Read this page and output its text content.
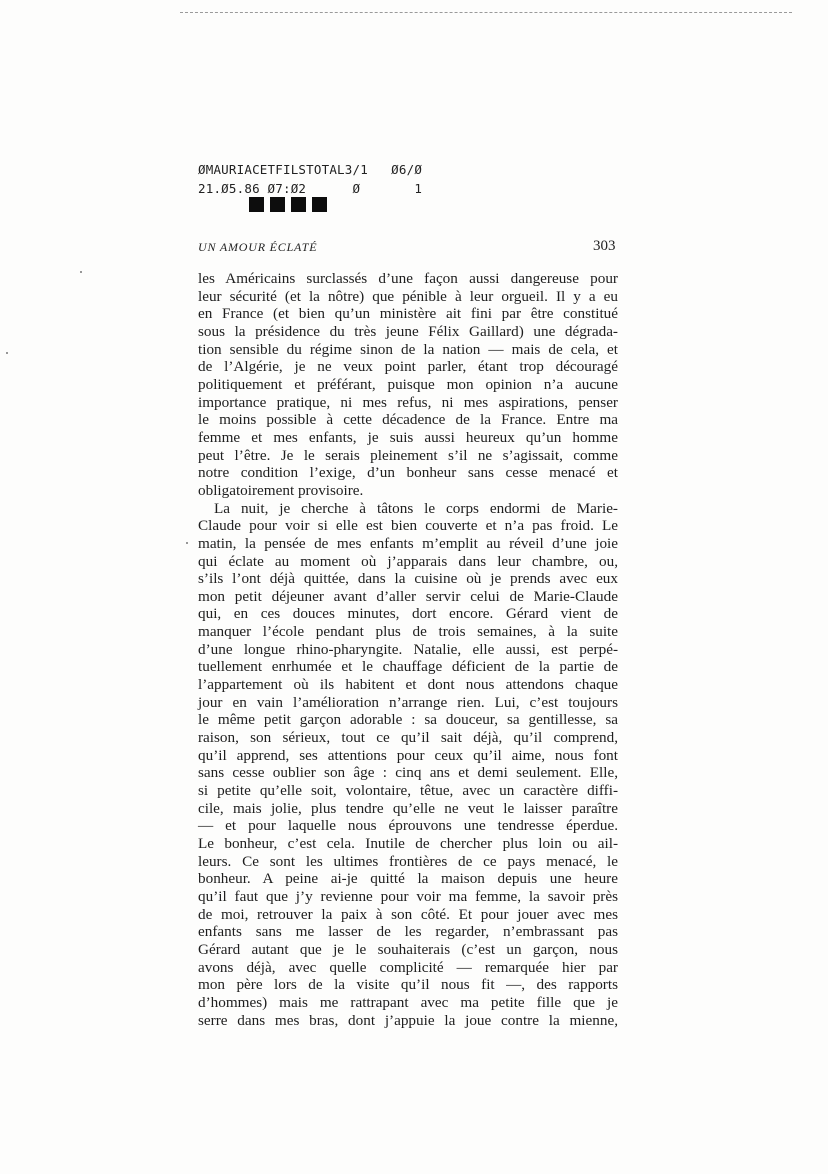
ØMAURIACETFILSTOTAL3/1   Ø6/Ø
21.Ø5.86 Ø7:Ø2      Ø       1
UN AMOUR ÉCLATÉ	303
les Américains surclassés d’une façon aussi dangereuse pour
leur sécurité (et la nôtre) que pénible à leur orgueil. Il y a eu
en France (et bien qu’un ministère ait fini par être constitué
sous la présidence du très jeune Félix Gaillard) une dégrada-
tion sensible du régime sinon de la nation — mais de cela, et
de l’Algérie, je ne veux point parler, étant trop découragé
politiquement et préférant, puisque mon opinion n’a aucune
importance pratique, ni mes refus, ni mes aspirations, penser
le moins possible à cette décadence de la France. Entre ma
femme et mes enfants, je suis aussi heureux qu’un homme
peut l’être. Je le serais pleinement s’il ne s’agissait, comme
notre condition l’exige, d’un bonheur sans cesse menacé et
obligatoirement provisoire.
La nuit, je cherche à tâtons le corps endormi de Marie-
Claude pour voir si elle est bien couverte et n’a pas froid. Le
matin, la pensée de mes enfants m’emplit au réveil d’une joie
qui éclate au moment où j’apparais dans leur chambre, ou,
s’ils l’ont déjà quittée, dans la cuisine où je prends avec eux
mon petit déjeuner avant d’aller servir celui de Marie-Claude
qui, en ces douces minutes, dort encore. Gérard vient de
manquer l’école pendant plus de trois semaines, à la suite
d’une longue rhino-pharyngite. Natalie, elle aussi, est perpé-
tuellement enrhumée et le chauffage déficient de la partie de
l’appartement où ils habitent et dont nous attendons chaque
jour en vain l’amélioration n’arrange rien. Lui, c’est toujours
le même petit garçon adorable : sa douceur, sa gentillesse, sa
raison, son sérieux, tout ce qu’il sait déjà, qu’il comprend,
qu’il apprend, ses attentions pour ceux qu’il aime, nous font
sans cesse oublier son âge : cinq ans et demi seulement. Elle,
si petite qu’elle soit, volontaire, têtue, avec un caractère diffi-
cile, mais jolie, plus tendre qu’elle ne veut le laisser paraître
— et pour laquelle nous éprouvons une tendresse éperdue.
Le bonheur, c’est cela. Inutile de chercher plus loin ou ail-
leurs. Ce sont les ultimes frontières de ce pays menacé, le
bonheur. A peine ai-je quitté la maison depuis une heure
qu’il faut que j’y revienne pour voir ma femme, la savoir près
de moi, retrouver la paix à son côté. Et pour jouer avec mes
enfants sans me lasser de les regarder, n’embrassant pas
Gérard autant que je le souhaiterais (c’est un garçon, nous
avons déjà, avec quelle complicité — remarquée hier par
mon père lors de la visite qu’il nous fit —, des rapports
d’hommes) mais me rattrapant avec ma petite fille que je
serre dans mes bras, dont j’appuie la joue contre la mienne,
